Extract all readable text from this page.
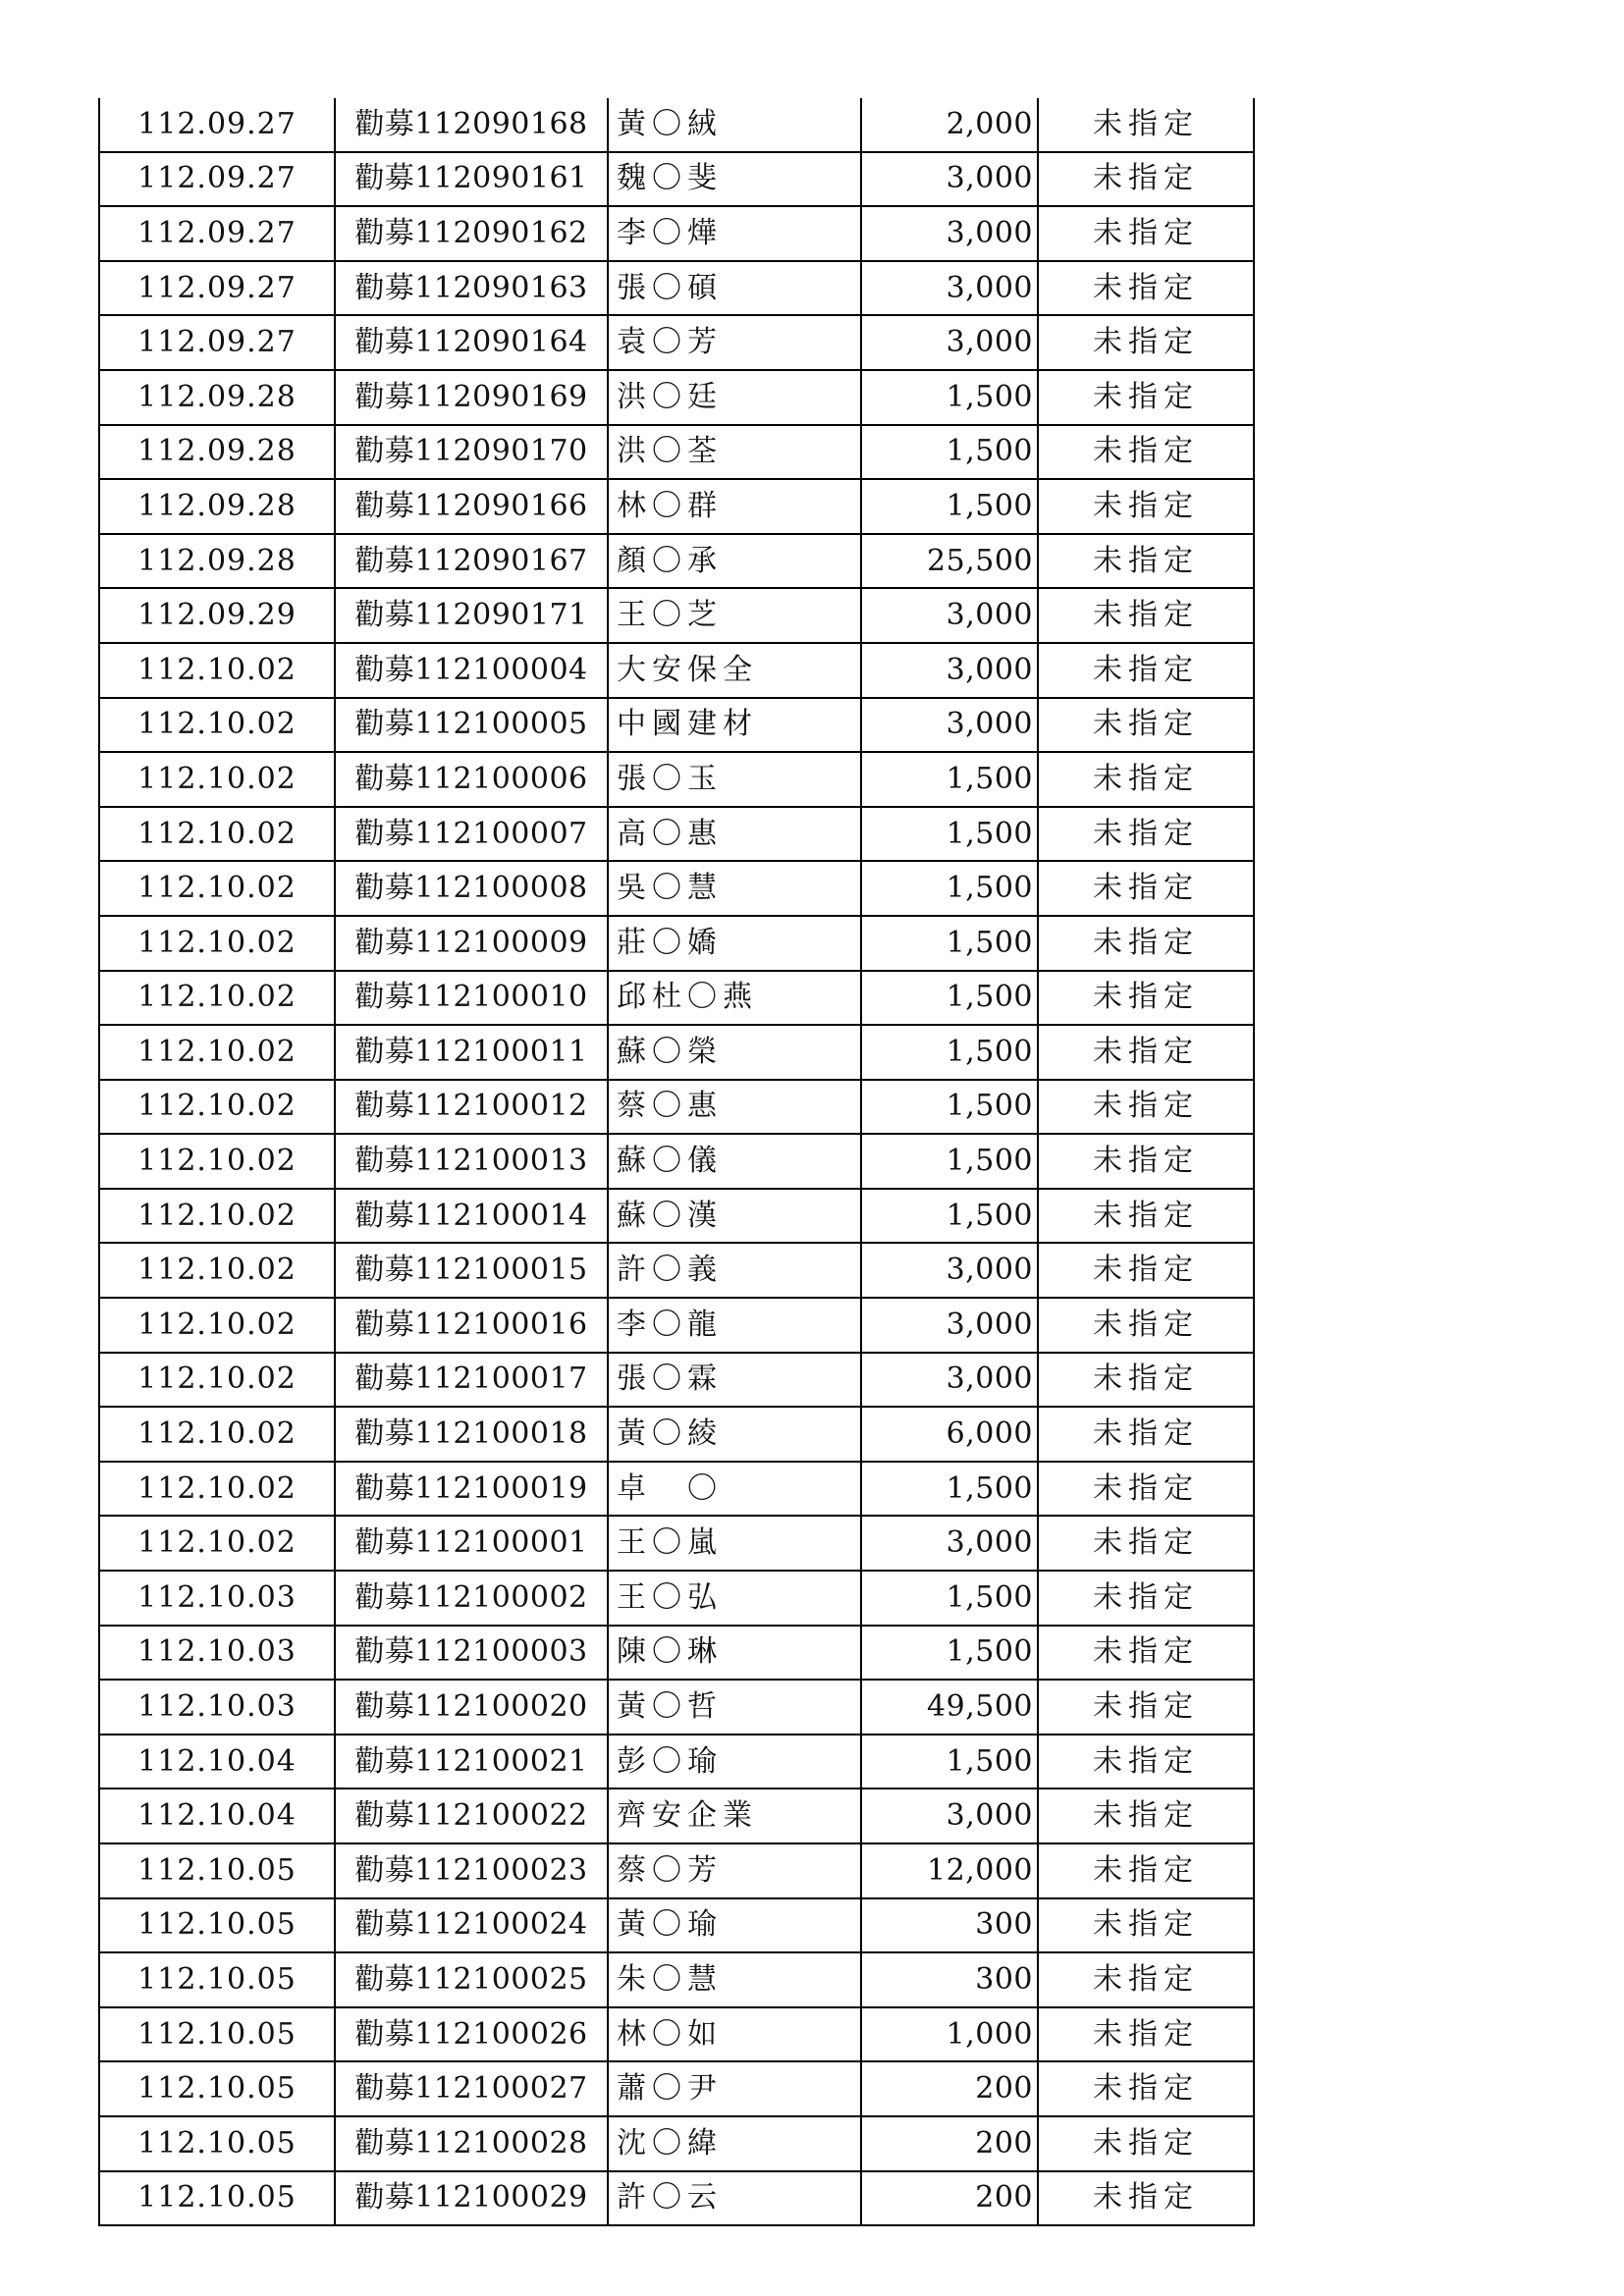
112.09.27	勸募112090168	黃〇絨	2,000	未指定
112.09.27	勸募112090161	魏〇斐	3,000	未指定
112.09.27	勸募112090162	李〇燁	3,000	未指定
112.09.27	勸募112090163	張〇碩	3,000	未指定
112.09.27	勸募112090164	袁〇芳	3,000	未指定
112.09.28	勸募112090169	洪〇廷	1,500	未指定
112.09.28	勸募112090170	洪〇荃	1,500	未指定
112.09.28	勸募112090166	林〇群	1,500	未指定
112.09.28	勸募112090167	顏〇承	25,500	未指定
112.09.29	勸募112090171	王〇芝	3,000	未指定
112.10.02	勸募112100004	大安保全	3,000	未指定
112.10.02	勸募112100005	中國建材	3,000	未指定
112.10.02	勸募112100006	張〇玉	1,500	未指定
112.10.02	勸募112100007	高〇惠	1,500	未指定
112.10.02	勸募112100008	吳〇慧	1,500	未指定
112.10.02	勸募112100009	莊〇嬌	1,500	未指定
112.10.02	勸募112100010	邱杜〇燕	1,500	未指定
112.10.02	勸募112100011	蘇〇榮	1,500	未指定
112.10.02	勸募112100012	蔡〇惠	1,500	未指定
112.10.02	勸募112100013	蘇〇儀	1,500	未指定
112.10.02	勸募112100014	蘇〇漢	1,500	未指定
112.10.02	勸募112100015	許〇義	3,000	未指定
112.10.02	勸募112100016	李〇龍	3,000	未指定
112.10.02	勸募112100017	張〇霖	3,000	未指定
112.10.02	勸募112100018	黃〇綾	6,000	未指定
112.10.02	勸募112100019	卓　〇	1,500	未指定
112.10.02	勸募112100001	王〇嵐	3,000	未指定
112.10.03	勸募112100002	王〇弘	1,500	未指定
112.10.03	勸募112100003	陳〇琳	1,500	未指定
112.10.03	勸募112100020	黃〇哲	49,500	未指定
112.10.04	勸募112100021	彭〇瑜	1,500	未指定
112.10.04	勸募112100022	齊安企業	3,000	未指定
112.10.05	勸募112100023	蔡〇芳	12,000	未指定
112.10.05	勸募112100024	黃〇瑜	300	未指定
112.10.05	勸募112100025	朱〇慧	300	未指定
112.10.05	勸募112100026	林〇如	1,000	未指定
112.10.05	勸募112100027	蕭〇尹	200	未指定
112.10.05	勸募112100028	沈〇緯	200	未指定
112.10.05	勸募112100029	許〇云	200	未指定
